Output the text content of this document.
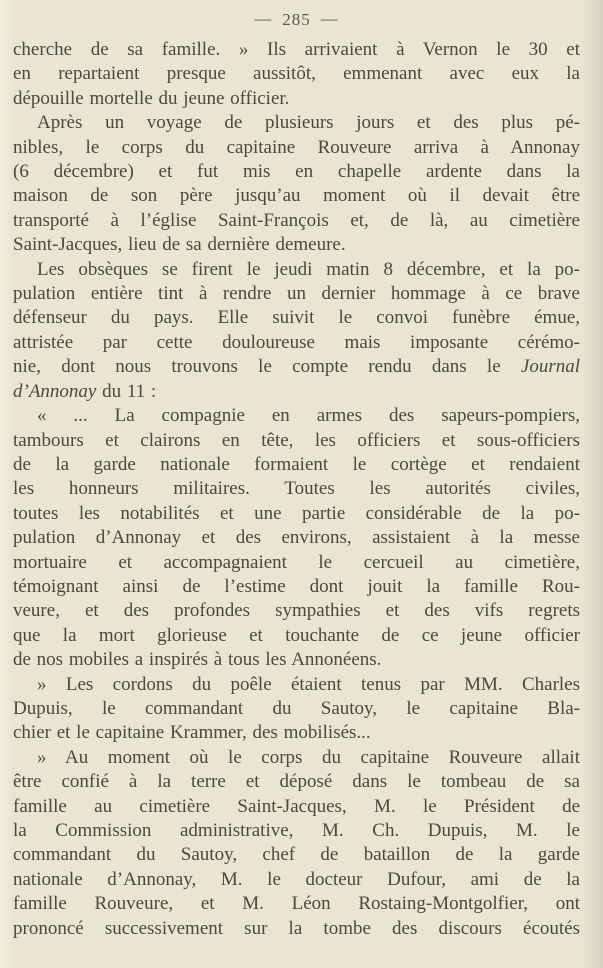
— 285 —
cherche de sa famille. » Ils arrivaient à Vernon le 30 et
en repartaient presque aussitôt, emmenant avec eux la
dépouille mortelle du jeune officier.
Après un voyage de plusieurs jours et des plus pé-
nibles, le corps du capitaine Rouveure arriva à Annonay
(6 décembre) et fut mis en chapelle ardente dans la
maison de son père jusqu’au moment où il devait être
transporté à l’église Saint-François et, de là, au cimetière
Saint-Jacques, lieu de sa dernière demeure.
Les obsèques se firent le jeudi matin 8 décembre, et la po-
pulation entière tint à rendre un dernier hommage à ce brave
défenseur du pays. Elle suivit le convoi funèbre émue,
attristée par cette douloureuse mais imposante cérémo-
nie, dont nous trouvons le compte rendu dans le Journal
d’Annonay du 11 :
« ... La compagnie en armes des sapeurs-pompiers,
tambours et clairons en tête, les officiers et sous-officiers
de la garde nationale formaient le cortège et rendaient
les honneurs militaires. Toutes les autorités civiles,
toutes les notabilités et une partie considérable de la po-
pulation d’Annonay et des environs, assistaient à la messe
mortuaire et accompagnaient le cercueil au cimetière,
témoignant ainsi de l’estime dont jouit la famille Rou-
veure, et des profondes sympathies et des vifs regrets
que la mort glorieuse et touchante de ce jeune officier
de nos mobiles a inspirés à tous les Annonéens.
» Les cordons du poêle étaient tenus par MM. Charles
Dupuis, le commandant du Sautoy, le capitaine Bla-
chier et le capitaine Krammer, des mobilisés...
» Au moment où le corps du capitaine Rouveure allait
être confié à la terre et déposé dans le tombeau de sa
famille au cimetière Saint-Jacques, M. le Président de
la Commission administrative, M. Ch. Dupuis, M. le
commandant du Sautoy, chef de bataillon de la garde
nationale d’Annonay, M. le docteur Dufour, ami de la
famille Rouveure, et M. Léon Rostaing-Montgolfier, ont
prononcé successivement sur la tombe des discours écoutés
